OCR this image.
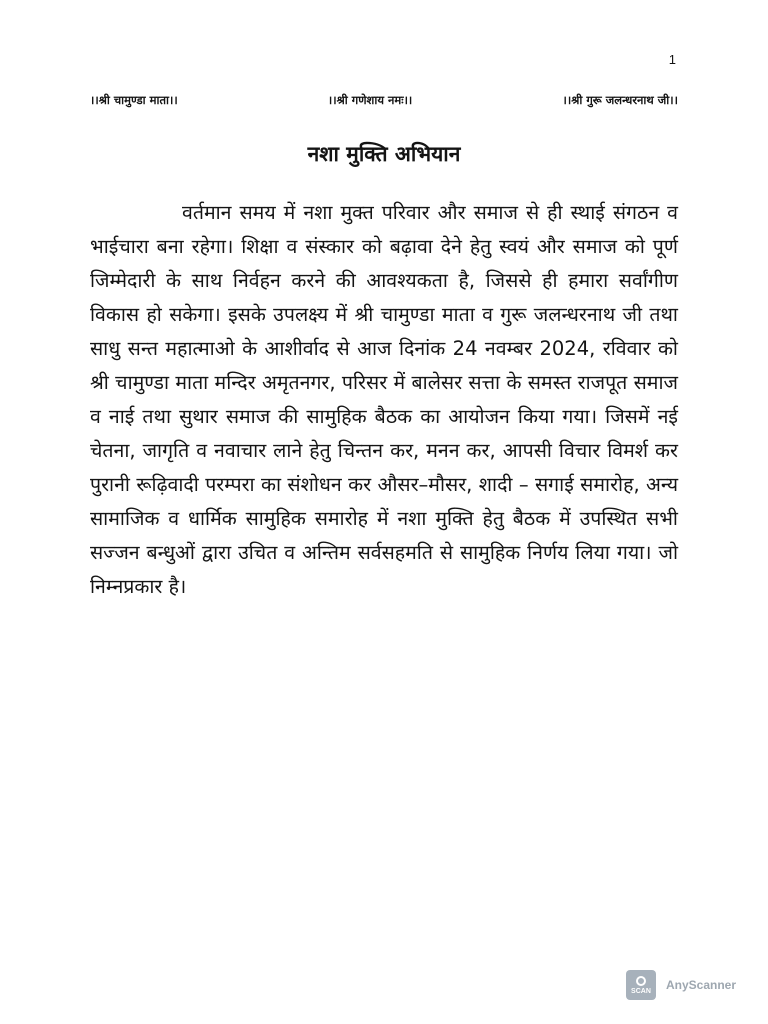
1
।।श्री चामुण्डा माता।।	।।श्री गणेशाय नमः।।	।।श्री गुरू जलन्धरनाथ जी।।
नशा मुक्ति अभियान

वर्तमान समय में नशा मुक्त परिवार और समाज से ही स्थाई संगठन व भाईचारा बना रहेगा। शिक्षा व संस्कार को बढ़ावा देने हेतु स्वयं और समाज को पूर्ण जिम्मेदारी के साथ निर्वहन करने की आवश्यकता है, जिससे ही हमारा सर्वांगीण विकास हो सकेगा। इसके उपलक्ष्य में श्री चामुण्डा माता व गुरू जलन्धरनाथ जी तथा साधु सन्त महात्माओ के आशीर्वाद से आज दिनांक 24 नवम्बर 2024, रविवार को श्री चामुण्डा माता मन्दिर अमृतनगर, परिसर में बालेसर सत्ता के समस्त राजपूत समाज व नाई तथा सुथार समाज की सामुहिक बैठक का आयोजन किया गया। जिसमें नई चेतना, जागृति व नवाचार लाने हेतु चिन्तन कर, मनन कर, आपसी विचार विमर्श कर पुरानी रूढ़िवादी परम्परा का संशोधन कर औसर–मौसर, शादी – सगाई समारोह, अन्य सामाजिक व धार्मिक सामुहिक समारोह में नशा मुक्ति हेतु बैठक में उपस्थित सभी सज्जन बन्धुओं द्वारा उचित व अन्तिम सर्वसहमति से सामुहिक निर्णय लिया गया। जो निम्नप्रकार है।

SCAN AnyScanner
